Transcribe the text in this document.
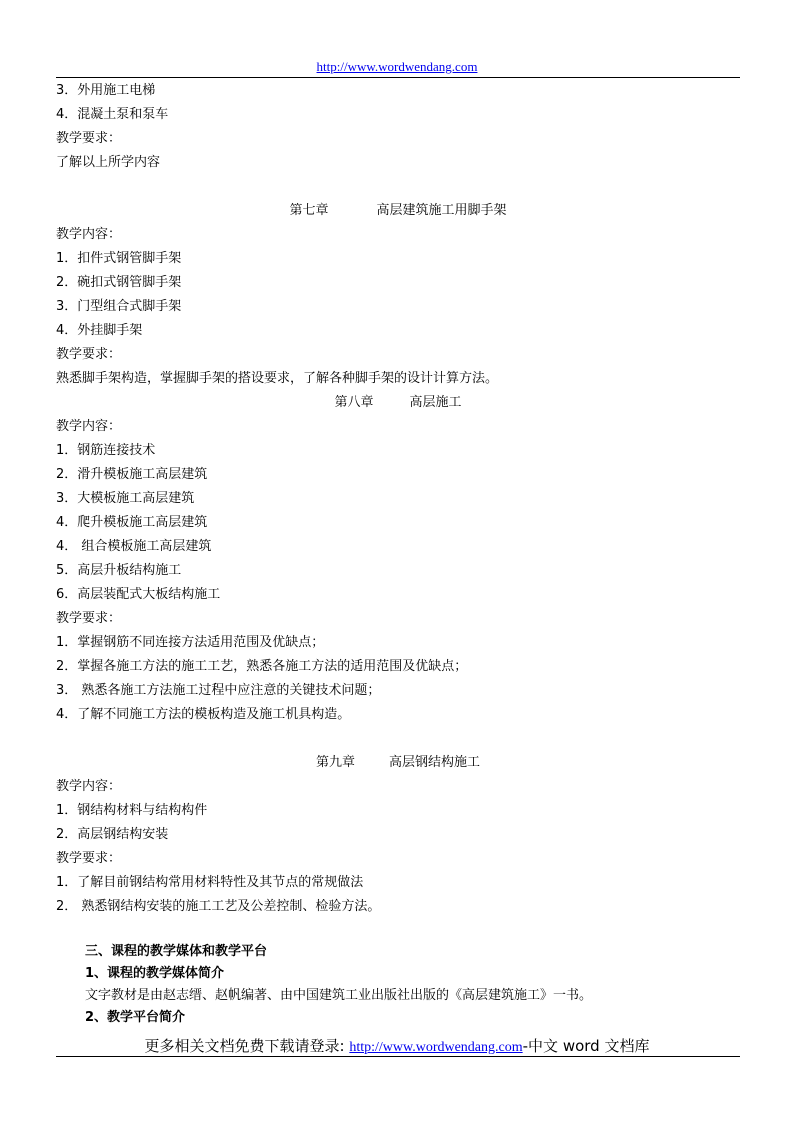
http://www.wordwendang.com
3．外用施工电梯
4．混凝土泵和泵车
教学要求：
了解以上所学内容
第七章	高层建筑施工用脚手架
教学内容：
1．扣件式钢管脚手架
2．碗扣式钢管脚手架
3．门型组合式脚手架
4．外挂脚手架
教学要求：
熟悉脚手架构造，掌握脚手架的搭设要求，了解各种脚手架的设计计算方法。
第八章	高层施工
教学内容：
1．钢筋连接技术
2．滑升模板施工高层建筑
3．大模板施工高层建筑
4．爬升模板施工高层建筑
4． 组合模板施工高层建筑
5．高层升板结构施工
6．高层装配式大板结构施工
教学要求：
1．掌握钢筋不同连接方法适用范围及优缺点；
2．掌握各施工方法的施工工艺，熟悉各施工方法的适用范围及优缺点；
3． 熟悉各施工方法施工过程中应注意的关键技术问题；
4．了解不同施工方法的模板构造及施工机具构造。
第九章	高层钢结构施工
教学内容：
1．钢结构材料与结构构件
2．高层钢结构安装
教学要求：
1．了解目前钢结构常用材料特性及其节点的常规做法
2． 熟悉钢结构安装的施工工艺及公差控制、检验方法。
三、课程的教学媒体和教学平台
1、课程的教学媒体简介
文字教材是由赵志缙、赵帆编著、由中国建筑工业出版社出版的《高层建筑施工》一书。
2、教学平台简介
更多相关文档免费下载请登录: http://www.wordwendang.com-中文 word 文档库
